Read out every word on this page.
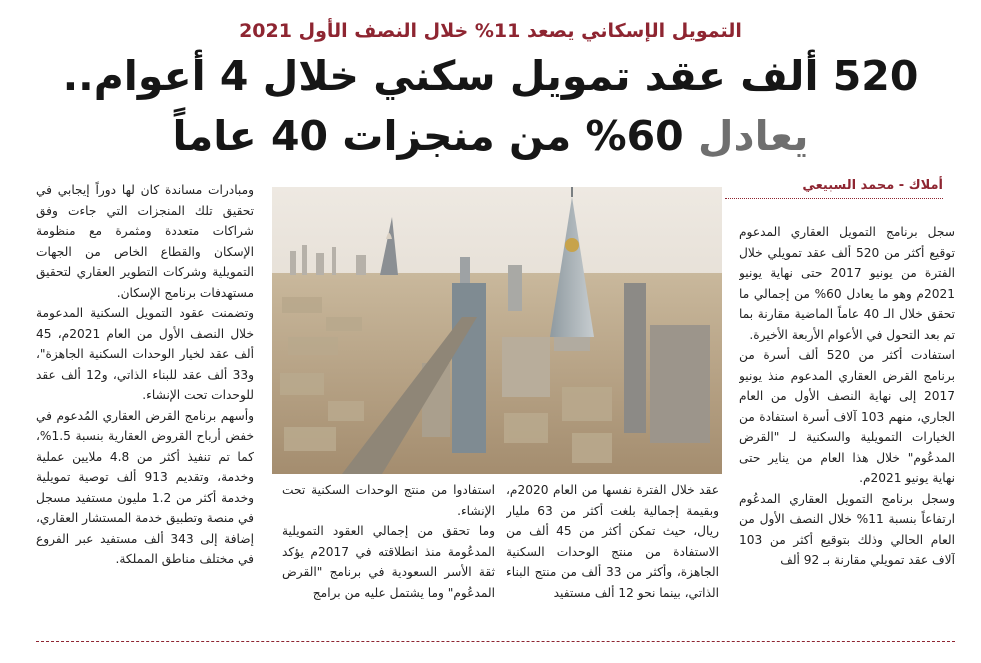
التمويل الإسكاني يصعد 11% خلال النصف الأول 2021
520 ألف عقد تمويل سكني خلال 4 أعوام..
يعادل 60% من منجزات 40 عاماً
أملاك - محمد السبيعي

سجل برنامج التمويل العقاري المدعوم توقيع أكثر من 520 ألف عقد تمويلي خلال الفترة من يونيو 2017 حتى نهاية يونيو 2021م وهو ما يعادل 60% من إجمالي ما تحقق خلال الـ 40 عاماً الماضية مقارنة بما تم بعد التحول في الأعوام الأربعة الأخيرة.

استفادت أكثر من 520 ألف أسرة من برنامج القرض العقاري المدعوم منذ يونيو 2017 إلى نهاية النصف الأول من العام الجاري، منهم 103 آلاف أسرة استفادة من الخيارات التمويلية والسكنية لـ "القرض المدعُوم" خلال هذا العام من يناير حتى نهاية يونيو 2021م.

وسجل برنامج التمويل العقاري المدعُوم ارتفاعاً بنسبة 11% خلال النصف الأول من العام الحالي وذلك بتوقيع أكثر من 103 آلاف عقد تمويلي مقارنة بـ 92 ألف

عقد خلال الفترة نفسها من العام 2020م، وبقيمة إجمالية بلغت أكثر من 63 مليار ريال، حيث تمكن أكثر من 45 ألف من الاستفادة من منتج الوحدات السكنية الجاهزة، وأكثر من 33 ألف من منتج البناء الذاتي، بينما نحو 12 ألف مستفيد

استفادوا من منتج الوحدات السكنية تحت الإنشاء.

وما تحقق من إجمالي العقود التمويلية المدعُومة منذ انطلاقته في 2017م يؤكد ثقة الأسر السعودية في برنامج "القرض المدعُوم" وما يشتمل عليه من برامج

ومبادرات مساندة كان لها دوراً إيجابي في تحقيق تلك المنجزات التي جاءت وفق شراكات متعددة ومثمرة مع منظومة الإسكان والقطاع الخاص من الجهات التمويلية وشركات التطوير العقاري لتحقيق مستهدفات برنامج الإسكان.

وتضمنت عقود التمويل السكنية المدعومة خلال النصف الأول من العام 2021م، 45 ألف عقد لخيار الوحدات السكنية الجاهزة"، و33 ألف عقد للبناء الذاتي، و12 ألف عقد للوحدات تحت الإنشاء.

وأسهم برنامج القرض العقاري المُدعوم في خفض أرباح القروض العقارية بنسبة 1.5%، كما تم تنفيذ أكثر من 4.8 ملايين عملية وخدمة، وتقديم 913 ألف توصية تمويلية وخدمة أكثر من 1.2 مليون مستفيد مسجل في منصة وتطبيق خدمة المستشار العقاري، إضافة إلى 343 ألف مستفيد عبر الفروع في مختلف مناطق المملكة.
